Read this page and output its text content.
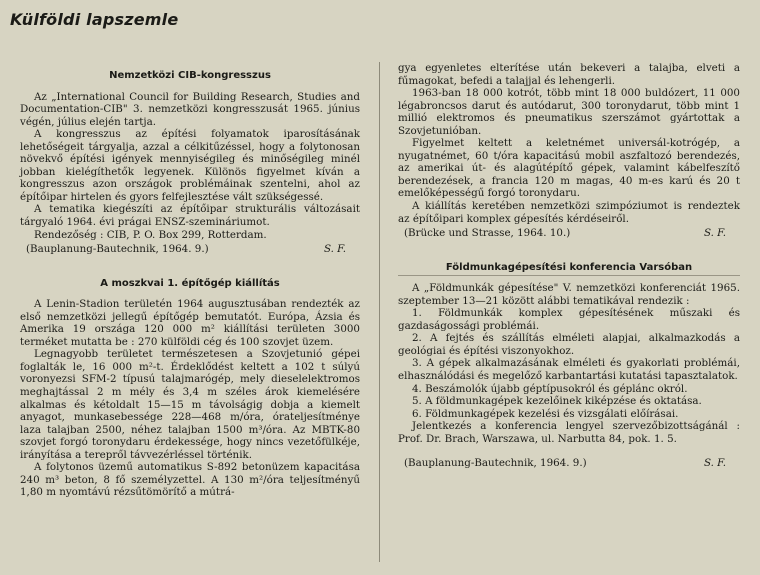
Külföldi lapszemle
Nemzetközi CIB-kongresszus

Az „International Council for Building Research, Studies and Documentation-CIB" 3. nemzetközi kongresszusát 1965. június végén, július elején tartja.

A kongresszus az építési folyamatok iparosításának lehetőségeit tárgyalja, azzal a célkitűzéssel, hogy a folytonosan növekvő építési igények mennyiségileg és minőségileg minél jobban kielégíthetők legyenek. Különös figyelmet kíván a kongresszus azon országok problémáinak szentelni, ahol az építőipar hirtelen és gyors felfejlesztése vált szükségessé.

A tematika kiegészíti az építőipar strukturális változásait tárgyaló 1964. évi prágai ENSZ-szemináriumot.

Rendezőség : CIB, P. O. Box 299, Rotterdam.

(Bauplanung-Bautechnik, 1964. 9.)	S. F.
A moszkvai 1. építőgép kiállítás

A Lenin-Stadion területén 1964 augusztusában rendezték az első nemzetközi jellegű építőgép bemutatót. Európa, Ázsia és Amerika 19 országa 120 000 m² kiállítási területen 3000 terméket mutatta be : 270 külföldi cég és 100 szovjet üzem.

Legnagyobb területet természetesen a Szovjetunió gépei foglalták le, 16 000 m²-t. Érdeklődést keltett a 102 t súlyú voronyezsi SFM-2 típusú talajmarógép, mely dieselelektromos meghajtással 2 m mély és 3,4 m széles árok kiemelésére alkalmas és kétoldalt 15—15 m távolságig dobja a kiemelt anyagot, munkasebessége 228—468 m/óra, órateljesítménye laza talajban 2500, néhez talajban 1500 m³/óra. Az MBTK-80 szovjet forgó toronydaru érdekessége, hogy nincs vezetőfülkéje, irányítása a terepről távvezérléssel történik.

A folytonos üzemű automatikus S-892 betonüzem kapacitása 240 m³ beton, 8 fő személyzettel. A 130 m²/óra teljesítményű 1,80 m nyomtávú rézsűtömörítő a mútrá-

gya egyenletes elterítése után bekeveri a talajba, elveti a fűmagokat, befedi a talajjal és lehengerli.

1963-ban 18 000 kotrót, több mint 18 000 buldózert, 11 000 légabroncsos darut és autódarut, 300 toronydarut, több mint 1 millió elektromos és pneumatikus szerszámot gyártottak a Szovjetunióban.

Figyelmet keltett a keletnémet universál-kotrógép, a nyugatnémet, 60 t/óra kapacitású mobil aszfaltozó berendezés, az amerikai út- és alagútépítő gépek, valamint kábelfeszítő berendezések, a francia 120 m magas, 40 m-es karú és 20 t emelőképességű forgó toronydaru.

A kiállítás keretében nemzetközi szimpóziumot is rendeztek az építőipari komplex gépesítés kérdéseiről.

(Brücke und Strasse, 1964. 10.)	S. F.
Földmunkagépesítési konferencia Varsóban

A „Földmunkák gépesítése" V. nemzetközi konferenciát 1965. szeptember 13—21 között alábbi tematikával rendezik :

1. Földmunkák komplex gépesítésének műszaki és gazdaságossági problémái.

2. A fejtés és szállítás elméleti alapjai, alkalmazkodás a geológiai és építési viszonyokhoz.

3. A gépek alkalmazásának elméleti és gyakorlati problémái, elhasználódási és megelőző karbantartási kutatási tapasztalatok.

4. Beszámolók újabb géptípusokról és géplánc okról.

5. A földmunkagépek kezelőinek kiképzése és oktatása.

6. Földmunkagépek kezelési és vizsgálati előírásai.

Jelentkezés a konferencia lengyel szervezőbizottságánál : Prof. Dr. Brach, Warszawa, ul. Narbutta 84, pok. 1. 5.

(Bauplanung-Bautechnik, 1964. 9.)	S. F.
